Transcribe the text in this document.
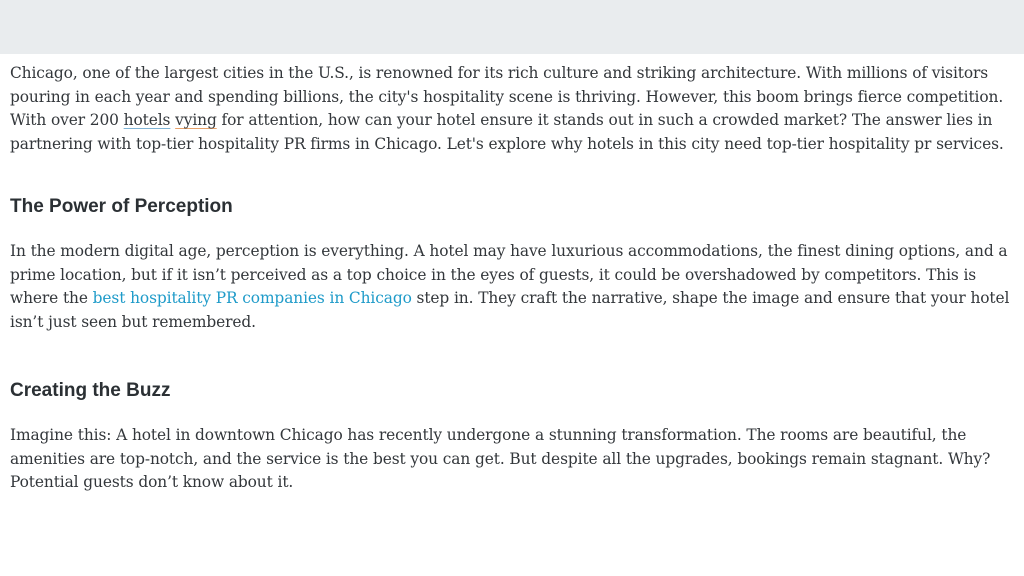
Chicago, one of the largest cities in the U.S., is renowned for its rich culture and striking architecture. With millions of visitors pouring in each year and spending billions, the city's hospitality scene is thriving. However, this boom brings fierce competition. With over 200 hotels vying for attention, how can your hotel ensure it stands out in such a crowded market? The answer lies in partnering with top-tier hospitality PR firms in Chicago. Let's explore why hotels in this city need top-tier hospitality pr services.

The Power of Perception

In the modern digital age, perception is everything. A hotel may have luxurious accommodations, the finest dining options, and a prime location, but if it isn’t perceived as a top choice in the eyes of guests, it could be overshadowed by competitors. This is where the best hospitality PR companies in Chicago step in. They craft the narrative, shape the image and ensure that your hotel isn’t just seen but remembered.

Creating the Buzz

Imagine this: A hotel in downtown Chicago has recently undergone a stunning transformation. The rooms are beautiful, the amenities are top-notch, and the service is the best you can get. But despite all the upgrades, bookings remain stagnant. Why? Potential guests don’t know about it.
